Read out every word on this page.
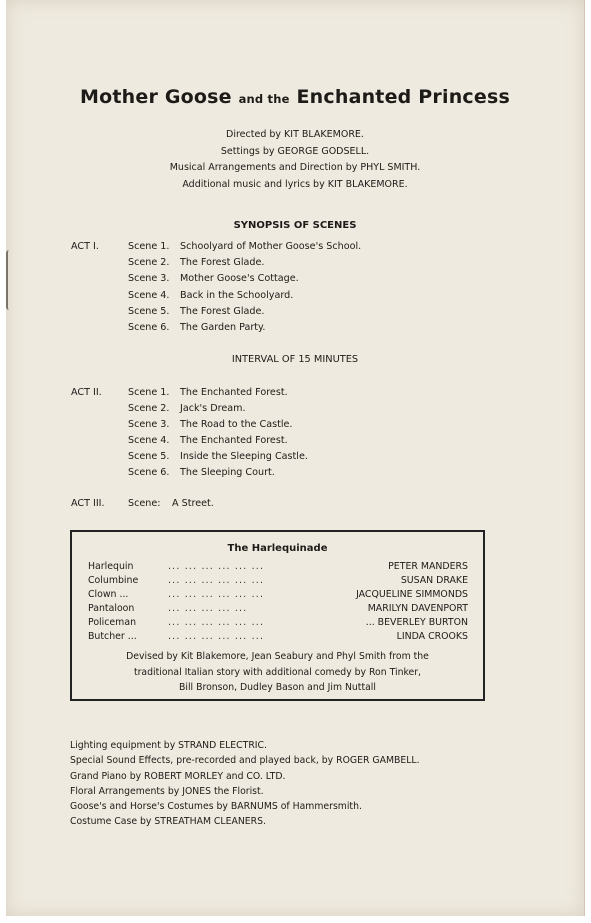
Mother Goose and the Enchanted Princess
Directed by KIT BLAKEMORE.
Settings by GEORGE GODSELL.
Musical Arrangements and Direction by PHYL SMITH.
Additional music and lyrics by KIT BLAKEMORE.
SYNOPSIS OF SCENES
ACT I.	Scene 1. Schoolyard of Mother Goose's School.
Scene 2. The Forest Glade.
Scene 3. Mother Goose's Cottage.
Scene 4. Back in the Schoolyard.
Scene 5. The Forest Glade.
Scene 6. The Garden Party.
INTERVAL OF 15 MINUTES
ACT II.	Scene 1. The Enchanted Forest.
Scene 2. Jack's Dream.
Scene 3. The Road to the Castle.
Scene 4. The Enchanted Forest.
Scene 5. Inside the Sleeping Castle.
Scene 6. The Sleeping Court.
ACT III. Scene: A Street.
The Harlequinade
Harlequin	... ... ... ... ... ...	PETER MANDERS
Columbine	... ... ... ... ... ...	SUSAN DRAKE
Clown ...	... ... ... ... ... ...	JACQUELINE SIMMONDS
Pantaloon	... ... ... ... ...	MARILYN DAVENPORT
Policeman	... ... ... ... ... ...	... BEVERLEY BURTON
Butcher ...	... ... ... ... ... ...	LINDA CROOKS
Devised by Kit Blakemore, Jean Seabury and Phyl Smith from the
traditional Italian story with additional comedy by Ron Tinker,
Bill Bronson, Dudley Bason and Jim Nuttall
Lighting equipment by STRAND ELECTRIC.
Special Sound Effects, pre-recorded and played back, by ROGER GAMBELL.
Grand Piano by ROBERT MORLEY and CO. LTD.
Floral Arrangements by JONES the Florist.
Goose's and Horse's Costumes by BARNUMS of Hammersmith.
Costume Case by STREATHAM CLEANERS.
